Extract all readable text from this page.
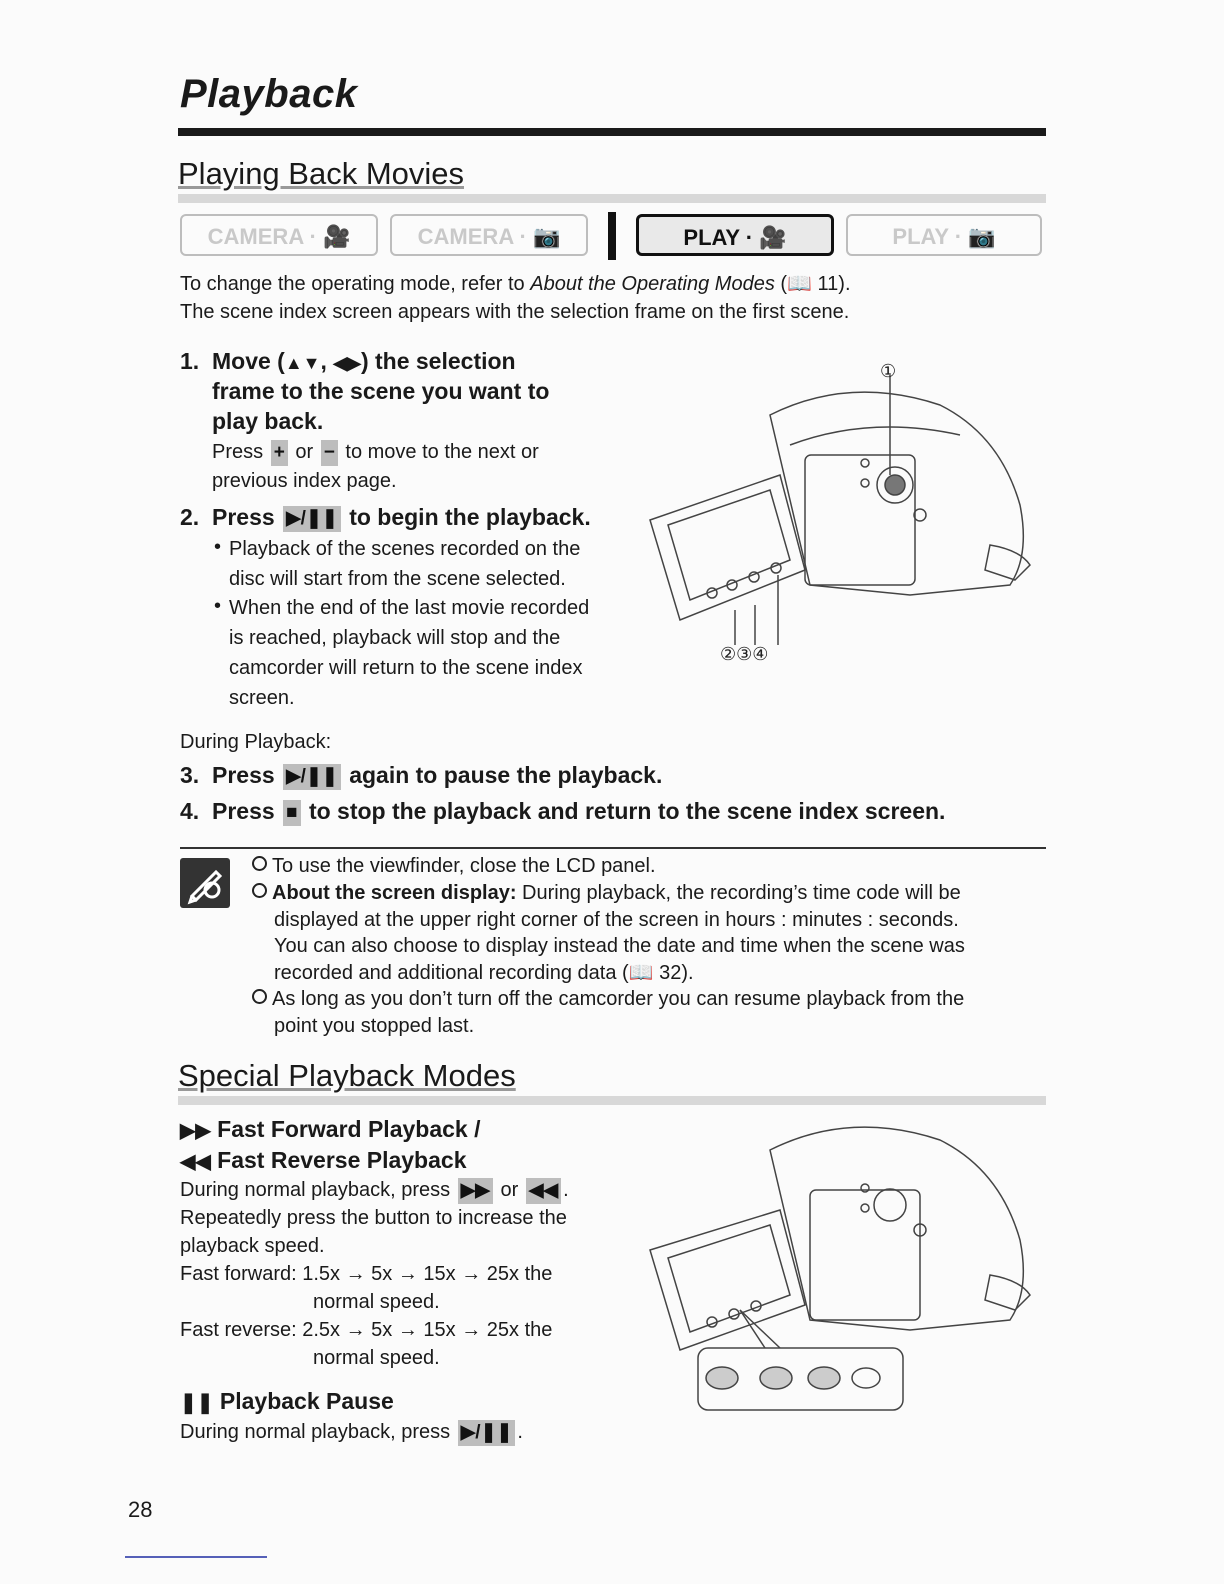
Playback
Playing Back Movies
CAMERA · 🎥	CAMERA · 📷	PLAY · 🎥	PLAY · 📷

To change the operating mode, refer to About the Operating Modes (📖 11).

The scene index screen appears with the selection frame on the first scene.

1. Move (▲▼, ◀▶) the selection

frame to the scene you want to

play back.

Press + or − to move to the next or

previous index page.

2. Press ▶/❚❚ to begin the playback.

• Playback of the scenes recorded on the

disc will start from the scene selected.

• When the end of the last movie recorded

is reached, playback will stop and the

camcorder will return to the scene index

screen.

①
②③④

During Playback:

3. Press ▶/❚❚ again to pause the playback.

4. Press ■ to stop the playback and return to the scene index screen.

To use the viewfinder, close the LCD panel.

About the screen display: During playback, the recording’s time code will be

displayed at the upper right corner of the screen in hours : minutes : seconds.

You can also choose to display instead the date and time when the scene was

recorded and additional recording data (📖 32).

As long as you don’t turn off the camcorder you can resume playback from the

point you stopped last.

Special Playback Modes

▶▶ Fast Forward Playback /

◀◀ Fast Reverse Playback

During normal playback, press ▶▶ or ◀◀ .

Repeatedly press the button to increase the

playback speed.

Fast forward: 1.5x → 5x → 15x → 25x the

normal speed.

Fast reverse: 2.5x → 5x → 15x → 25x the

normal speed.

❚❚ Playback Pause

During normal playback, press ▶/❚❚ .

28
